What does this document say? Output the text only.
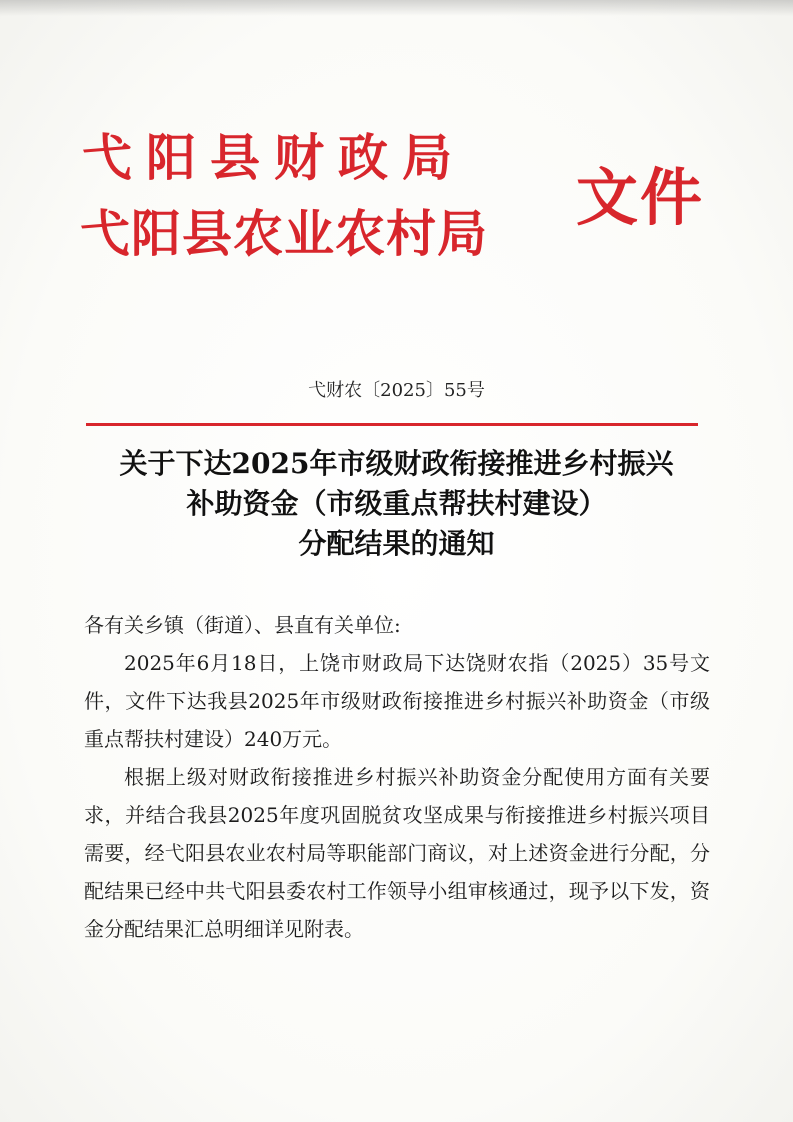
弋阳县财政局
弋阳县农业农村局 文件
弋财农〔2025〕55号
关于下达2025年市级财政衔接推进乡村振兴
补助资金（市级重点帮扶村建设）
分配结果的通知
各有关乡镇（街道）、县直有关单位:

2025年6月18日，上饶市财政局下达饶财农指（2025）35号文件，文件下达我县2025年市级财政衔接推进乡村振兴补助资金（市级重点帮扶村建设）240万元。

根据上级对财政衔接推进乡村振兴补助资金分配使用方面有关要求，并结合我县2025年度巩固脱贫攻坚成果与衔接推进乡村振兴项目需要，经弋阳县农业农村局等职能部门商议，对上述资金进行分配，分配结果已经中共弋阳县委农村工作领导小组审核通过，现予以下发，资金分配结果汇总明细详见附表。
